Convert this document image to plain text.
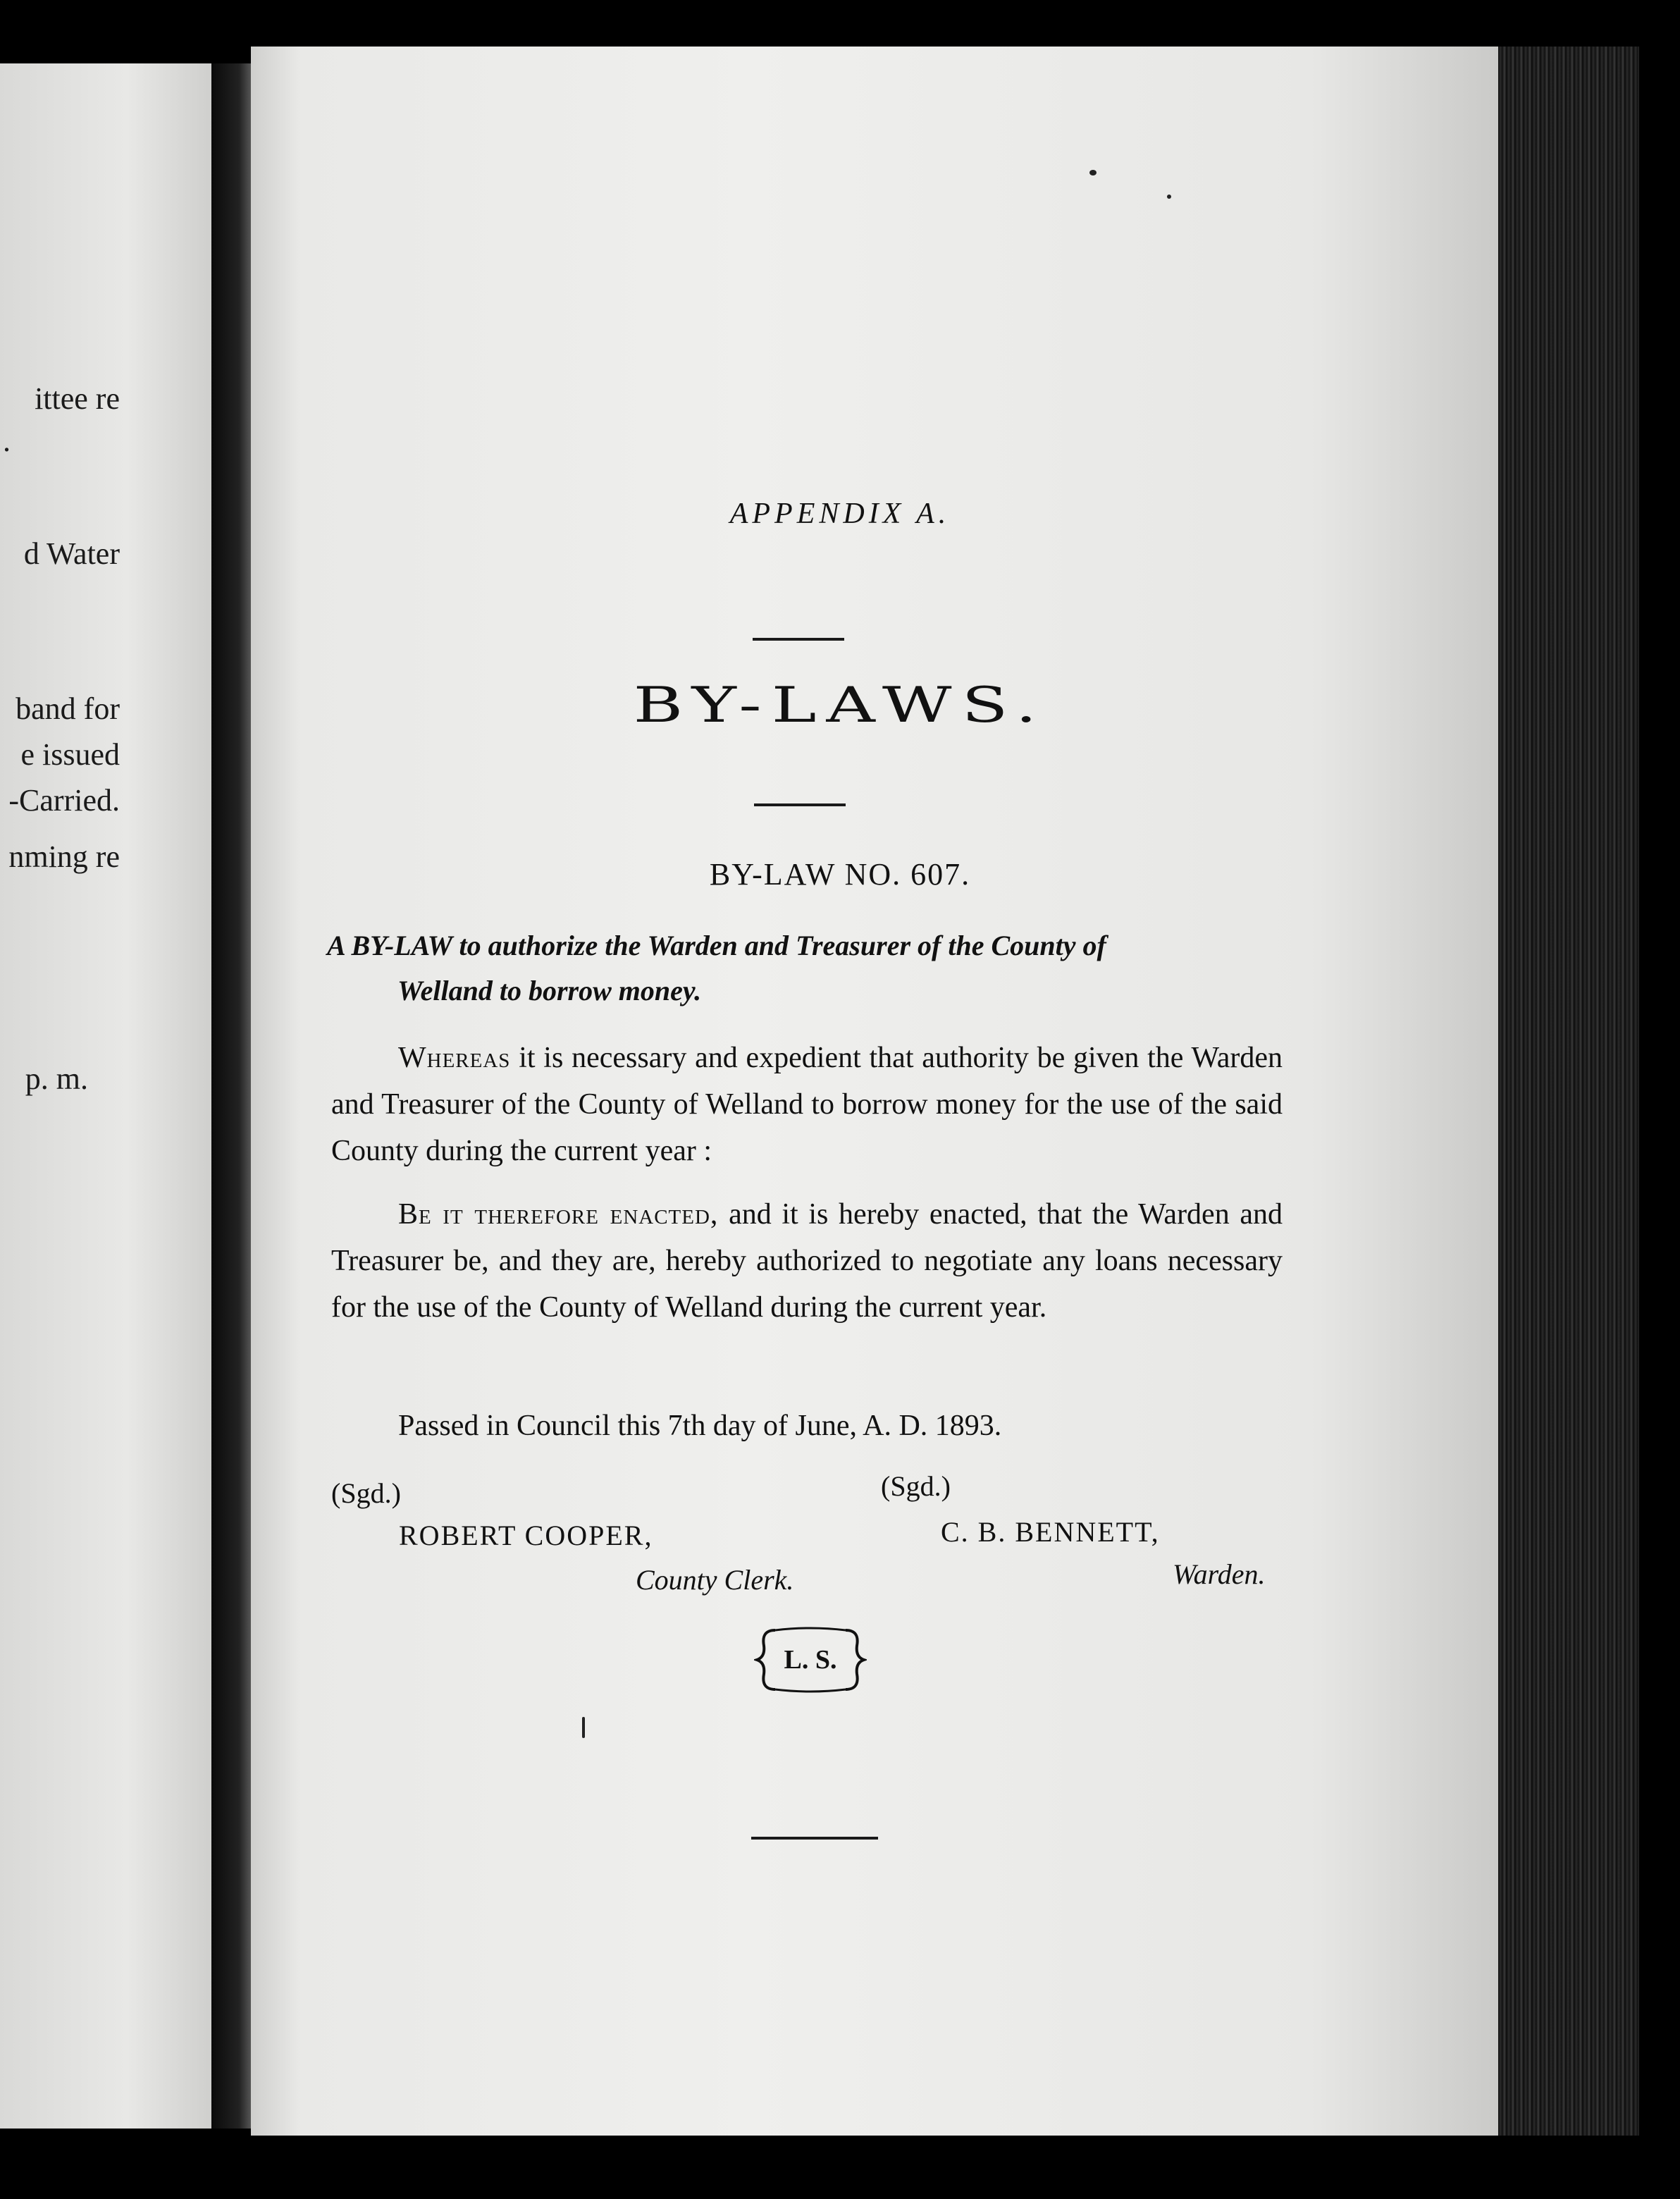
ittee re
.
d Water
band for
e issued
-Carried.
nming re
p. m.
APPENDIX A.
BY-LAWS.
BY-LAW NO. 607.
A BY-LAW to authorize the Warden and Treasurer of the County of
Welland to borrow money.

Whereas it is necessary and expedient that authority be given the Warden and Treasurer of the County of Welland to borrow money for the use of the said County during the current year :

Be it therefore enacted, and it is hereby enacted, that the Warden and Treasurer be, and they are, hereby authorized to negotiate any loans necessary for the use of the County of Welland during the current year.

Passed in Council this 7th day of June, A. D. 1893.
(Sgd.)
ROBERT COOPER,
County Clerk.
(Sgd.)
C. B. BENNETT,
Warden.
L. S.
